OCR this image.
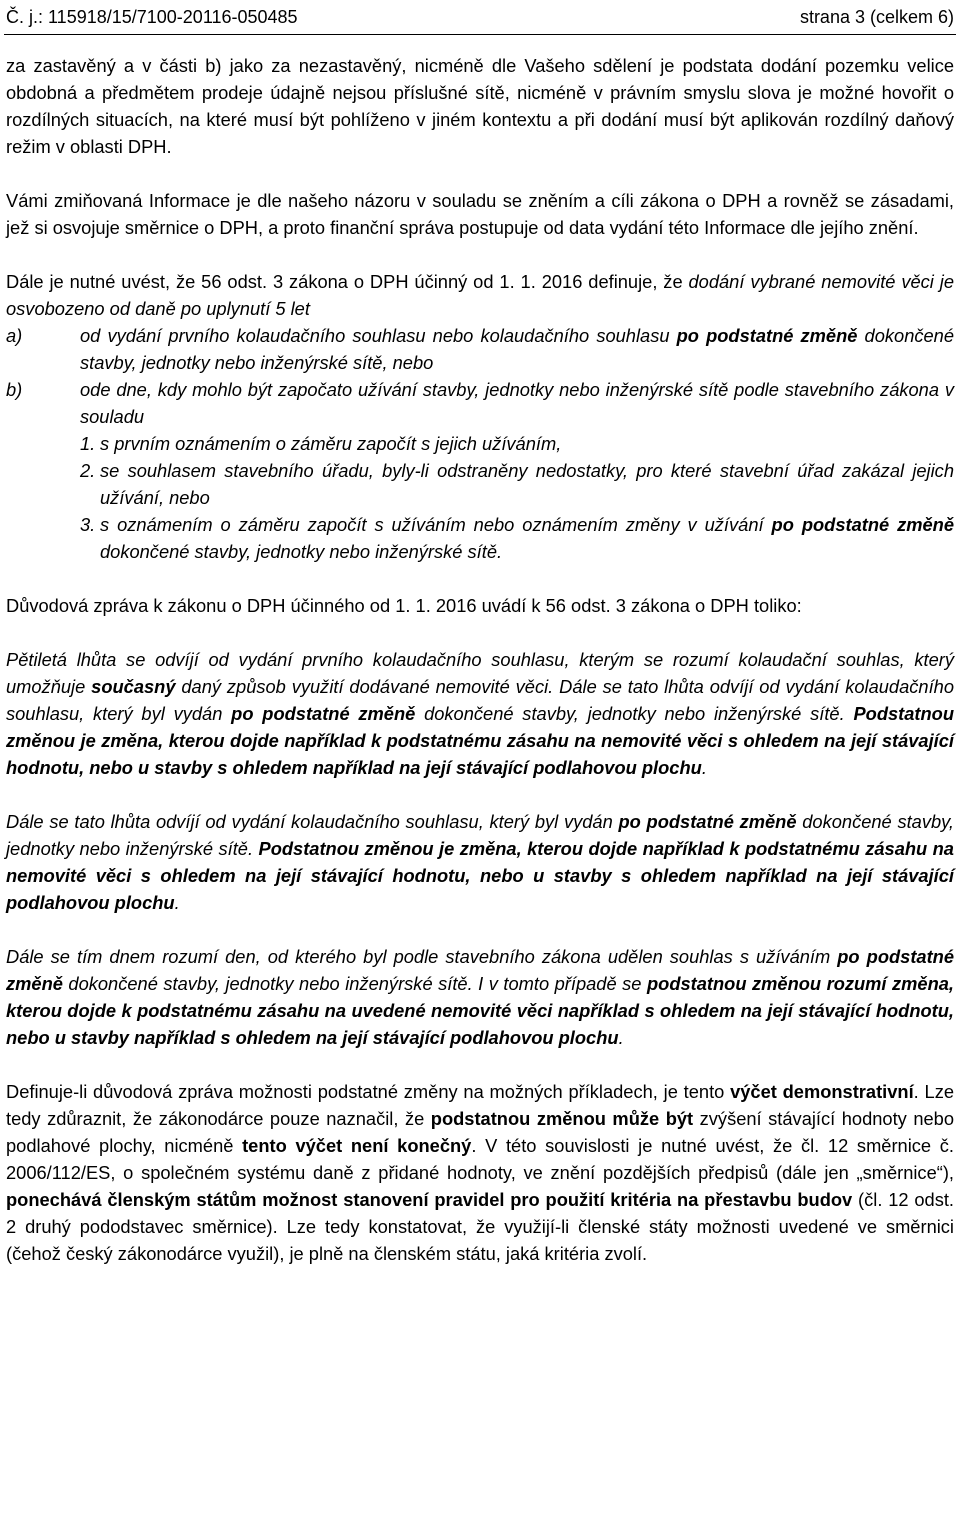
Č. j.: 115918/15/7100-20116-050485	strana 3 (celkem 6)

za zastavěný a v části b) jako za nezastavěný, nicméně dle Vašeho sdělení je podstata dodání pozemku velice obdobná a předmětem prodeje údajně nejsou příslušné sítě, nicméně v právním smyslu slova je možné hovořit o rozdílných situacích, na které musí být pohlíženo v jiném kontextu a při dodání musí být aplikován rozdílný daňový režim v oblasti DPH.

Vámi zmiňovaná Informace je dle našeho názoru v souladu se zněním a cíli zákona o DPH a rovněž se zásadami, jež si osvojuje směrnice o DPH, a proto finanční správa postupuje od data vydání této Informace dle jejího znění.

Dále je nutné uvést, že 56 odst. 3 zákona o DPH účinný od 1. 1. 2016 definuje, že dodání vybrané nemovité věci je osvobozeno od daně po uplynutí 5 let

a)	od vydání prvního kolaudačního souhlasu nebo kolaudačního souhlasu po podstatné změně dokončené stavby, jednotky nebo inženýrské sítě, nebo
b)	ode dne, kdy mohlo být započato užívání stavby, jednotky nebo inženýrské sítě podle stavebního zákona v souladu
1. s prvním oznámením o záměru započít s jejich užíváním,
2. se souhlasem stavebního úřadu, byly-li odstraněny nedostatky, pro které stavební úřad zakázal jejich užívání, nebo
3. s oznámením o záměru započít s užíváním nebo oznámením změny v užívání po podstatné změně dokončené stavby, jednotky nebo inženýrské sítě.

Důvodová zpráva k zákonu o DPH účinného od 1. 1. 2016 uvádí k 56 odst. 3 zákona o DPH toliko:

Pětiletá lhůta se odvíjí od vydání prvního kolaudačního souhlasu, kterým se rozumí kolaudační souhlas, který umožňuje současný daný způsob využití dodávané nemovité věci. Dále se tato lhůta odvíjí od vydání kolaudačního souhlasu, který byl vydán po podstatné změně dokončené stavby, jednotky nebo inženýrské sítě. Podstatnou změnou je změna, kterou dojde například k podstatnému zásahu na nemovité věci s ohledem na její stávající hodnotu, nebo u stavby s ohledem například na její stávající podlahovou plochu.

Dále se tato lhůta odvíjí od vydání kolaudačního souhlasu, který byl vydán po podstatné změně dokončené stavby, jednotky nebo inženýrské sítě. Podstatnou změnou je změna, kterou dojde například k podstatnému zásahu na nemovité věci s ohledem na její stávající hodnotu, nebo u stavby s ohledem například na její stávající podlahovou plochu.

Dále se tím dnem rozumí den, od kterého byl podle stavebního zákona udělen souhlas s užíváním po podstatné změně dokončené stavby, jednotky nebo inženýrské sítě. I v tomto případě se podstatnou změnou rozumí změna, kterou dojde k podstatnému zásahu na uvedené nemovité věci například s ohledem na její stávající hodnotu, nebo u stavby například s ohledem na její stávající podlahovou plochu.

Definuje-li důvodová zpráva možnosti podstatné změny na možných příkladech, je tento výčet demonstrativní. Lze tedy zdůraznit, že zákonodárce pouze naznačil, že podstatnou změnou může být zvýšení stávající hodnoty nebo podlahové plochy, nicméně tento výčet není konečný. V této souvislosti je nutné uvést, že čl. 12 směrnice č. 2006/112/ES, o společném systému daně z přidané hodnoty, ve znění pozdějších předpisů (dále jen „směrnice“), ponechává členským státům možnost stanovení pravidel pro použití kritéria na přestavbu budov (čl. 12 odst. 2 druhý pododstavec směrnice). Lze tedy konstatovat, že využijí-li členské státy možnosti uvedené ve směrnici (čehož český zákonodárce využil), je plně na členském státu, jaká kritéria zvolí.
